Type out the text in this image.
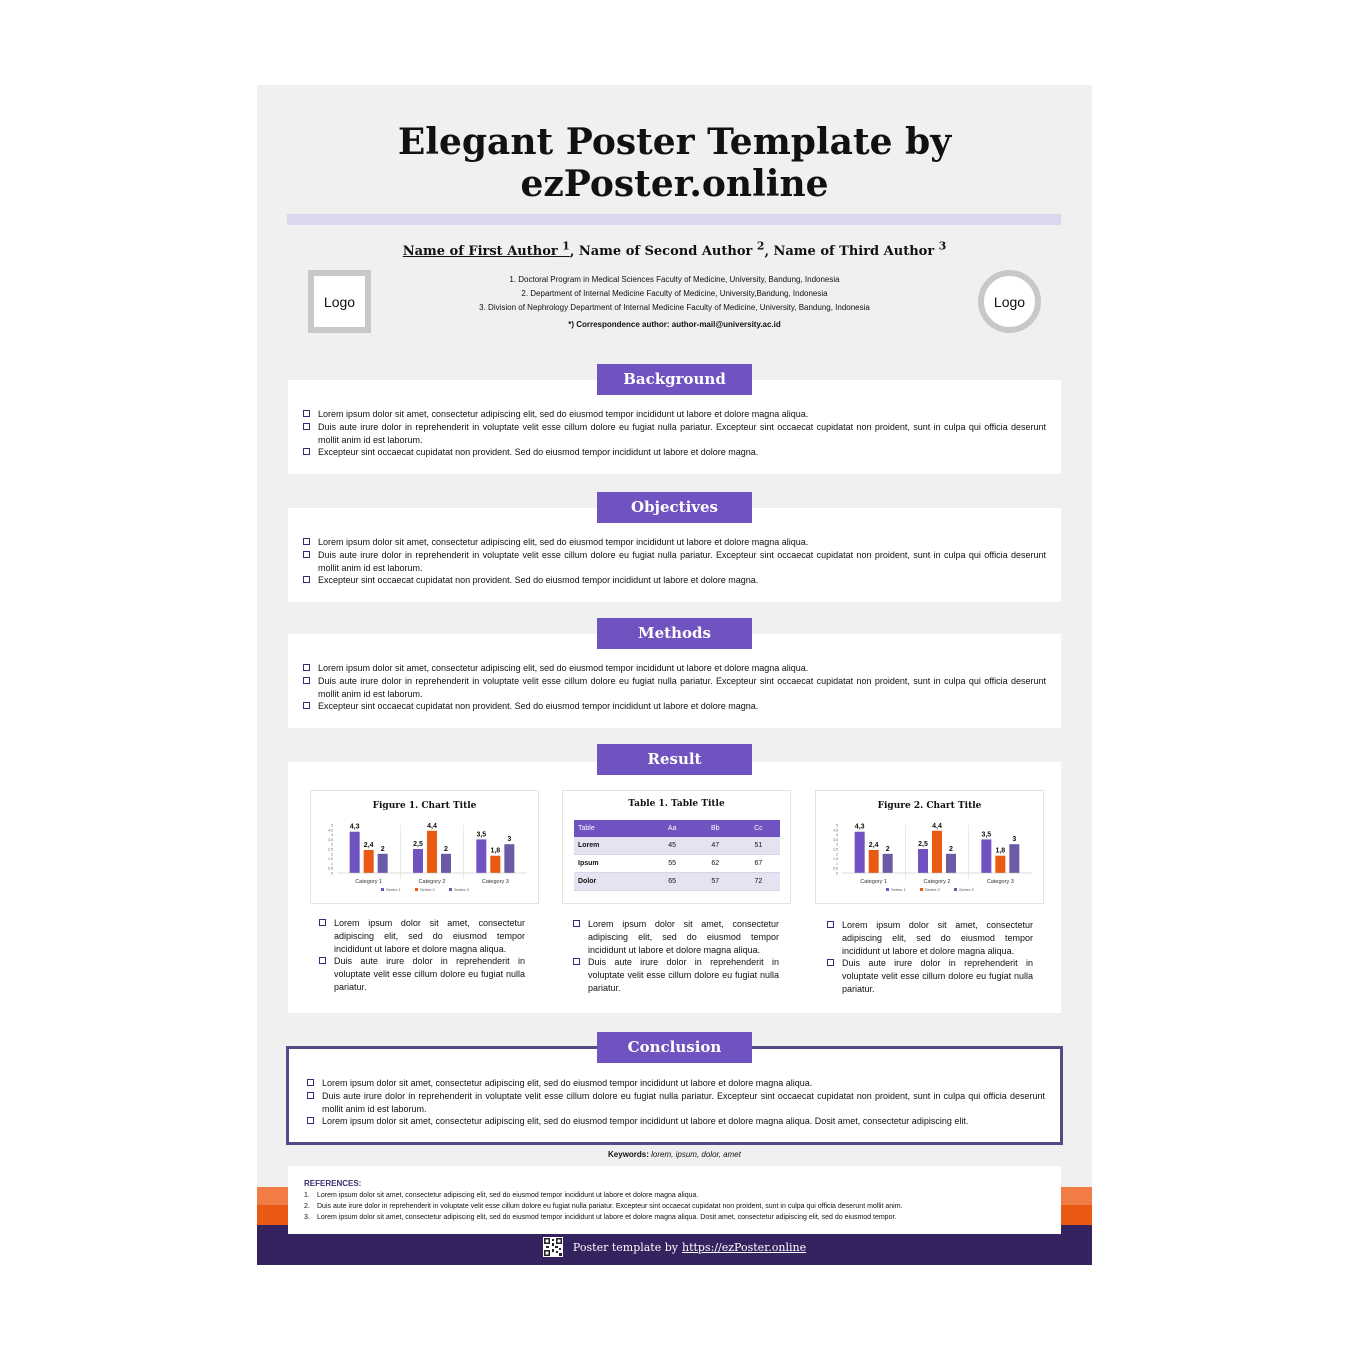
Elegant Poster Template by ezPoster.online
Name of First Author $^1$, Name of Second Author $^2$, Name of Third Author $^3$
1. Doctoral Program in Medical Sciences Faculty of Medicine, University, Bandung, Indonesia
2. Department of Internal Medicine Faculty of Medicine, University,Bandung, Indonesia
3. Division of Nephrology Department of Internal Medicine Faculty of Medicine, University, Bandung, Indonesia
*) Correspondence author: author-mail@university.ac.id
Logo	Logo
Lorem ipsum dolor sit amet, consectetur adipiscing elit, sed do eiusmod tempor incididunt ut labore et dolore magna aliqua.
Duis aute irure dolor in reprehenderit in voluptate velit esse cillum dolore eu fugiat nulla pariatur. Excepteur sint occaecat cupidatat non proident, sunt in culpa qui officia deserunt mollit anim id est laborum.
Excepteur sint occaecat cupidatat non provident. Sed do eiusmod tempor incididunt ut labore et dolore magna.
Background
Lorem ipsum dolor sit amet, consectetur adipiscing elit, sed do eiusmod tempor incididunt ut labore et dolore magna aliqua.
Duis aute irure dolor in reprehenderit in voluptate velit esse cillum dolore eu fugiat nulla pariatur. Excepteur sint occaecat cupidatat non proident, sunt in culpa qui officia deserunt mollit anim id est laborum.
Excepteur sint occaecat cupidatat non provident. Sed do eiusmod tempor incididunt ut labore et dolore magna.
Objectives
Lorem ipsum dolor sit amet, consectetur adipiscing elit, sed do eiusmod tempor incididunt ut labore et dolore magna aliqua.
Duis aute irure dolor in reprehenderit in voluptate velit esse cillum dolore eu fugiat nulla pariatur. Excepteur sint occaecat cupidatat non proident, sunt in culpa qui officia deserunt mollit anim id est laborum.
Excepteur sint occaecat cupidatat non provident. Sed do eiusmod tempor incididunt ut labore et dolore magna.
Methods
Figure 1. Chart Title
5
4,5
4
3,5
3
2,5
2
1,5
1
0,5
0
4,3
2,4
2
Category 1
2,5
4,4
2
Category 2
3,5
1,8
3
Category 3
Series 1	Series 2	Series 3
Table 1. Table Title
Table	Aa	Bb	Cc
Lorem	45	47	51
Ipsum	55	62	67
Dolor	65	57	72
Figure 2. Chart Title
5
4,5
4
3,5
3
2,5
2
1,5
1
0,5
0
4,3
2,4
2
Category 1
2,5
4,4
2
Category 2
3,5
1,8
3
Category 3
Series 1	Series 2	Series 3
Lorem ipsum dolor sit amet, consectetur adipiscing elit, sed do eiusmod tempor incididunt ut labore et dolore magna aliqua.
Duis aute irure dolor in reprehenderit in voluptate velit esse cillum dolore eu fugiat nulla pariatur.
Lorem ipsum dolor sit amet, consectetur adipiscing elit, sed do eiusmod tempor incididunt ut labore et dolore magna aliqua.
Duis aute irure dolor in reprehenderit in voluptate velit esse cillum dolore eu fugiat nulla pariatur.
Lorem ipsum dolor sit amet, consectetur adipiscing elit, sed do eiusmod tempor incididunt ut labore et dolore magna aliqua.
Duis aute irure dolor in reprehenderit in voluptate velit esse cillum dolore eu fugiat nulla pariatur.
Result
Lorem ipsum dolor sit amet, consectetur adipiscing elit, sed do eiusmod tempor incididunt ut labore et dolore magna aliqua.
Duis aute irure dolor in reprehenderit in voluptate velit esse cillum dolore eu fugiat nulla pariatur. Excepteur sint occaecat cupidatat non proident, sunt in culpa qui officia deserunt mollit anim id est laborum.
Lorem ipsum dolor sit amet, consectetur adipiscing elit, sed do eiusmod tempor incididunt ut labore et dolore magna aliqua. Dosit amet, consectetur adipiscing elit.
Conclusion
Keywords: lorem, ipsum, dolor, amet
REFERENCES:
1. Lorem ipsum dolor sit amet, consectetur adipiscing elit, sed do eiusmod tempor incididunt ut labore et dolore magna aliqua.
2. Duis aute irure dolor in reprehenderit in voluptate velit esse cillum dolore eu fugiat nulla pariatur. Excepteur sint occaecat cupidatat non proident, sunt in culpa qui officia deserunt mollit anim.
3. Lorem ipsum dolor sit amet, consectetur adipiscing elit, sed do eiusmod tempor incididunt ut labore et dolore magna aliqua. Dosit amet, consectetur adipiscing elit, sed do eiusmod tempor.
Poster template by https://ezPoster.online
